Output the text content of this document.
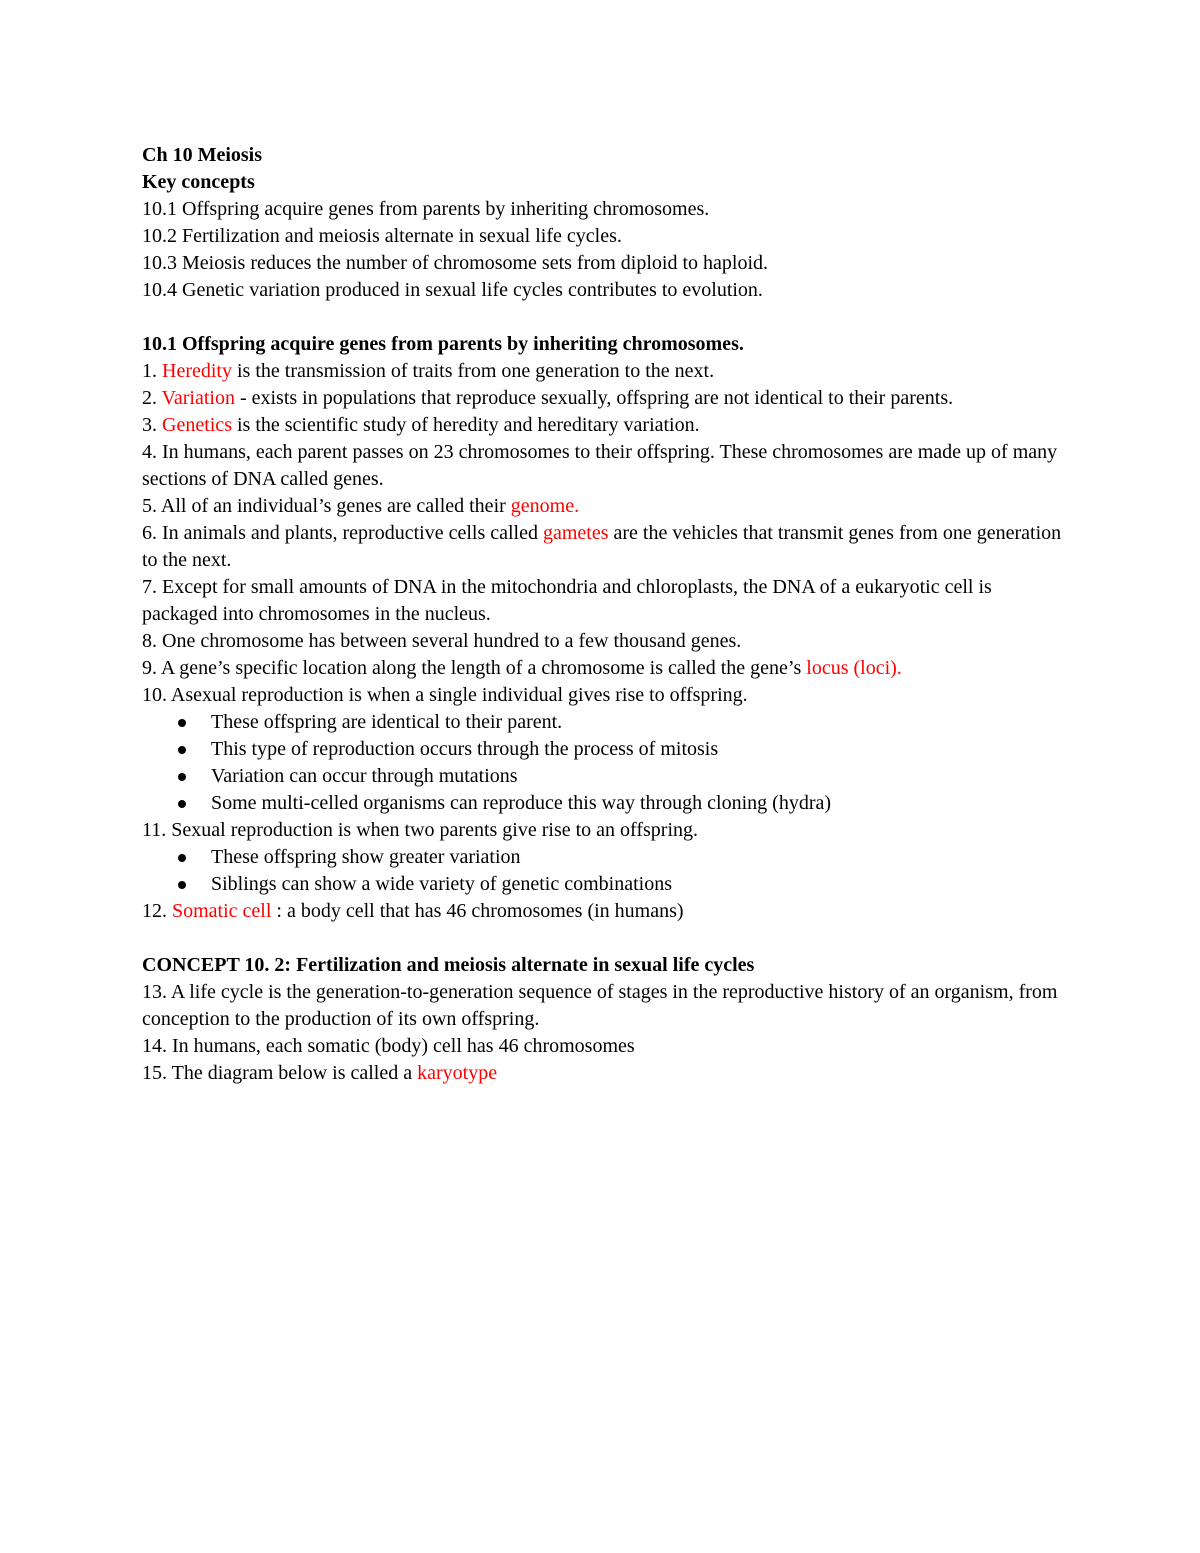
Ch 10 Meiosis

Key concepts

10.1 Offspring acquire genes from parents by inheriting chromosomes.

10.2 Fertilization and meiosis alternate in sexual life cycles.

10.3 Meiosis reduces the number of chromosome sets from diploid to haploid.

10.4 Genetic variation produced in sexual life cycles contributes to evolution.

10.1 Offspring acquire genes from parents by inheriting chromosomes.

1. Heredity is the transmission of traits from one generation to the next.

2. Variation - exists in populations that reproduce sexually, offspring are not identical to their parents.

3. Genetics is the scientific study of heredity and hereditary variation.

4. In humans, each parent passes on 23 chromosomes to their offspring. These chromosomes are made up of many sections of DNA called genes.

5. All of an individual’s genes are called their genome.

6. In animals and plants, reproductive cells called gametes are the vehicles that transmit genes from one generation to the next.

7. Except for small amounts of DNA in the mitochondria and chloroplasts, the DNA of a eukaryotic cell is packaged into chromosomes in the nucleus.

8. One chromosome has between several hundred to a few thousand genes.

9. A gene’s specific location along the length of a chromosome is called the gene’s locus (loci).

10. Asexual reproduction is when a single individual gives rise to offspring.

These offspring are identical to their parent.
This type of reproduction occurs through the process of mitosis
Variation can occur through mutations
Some multi-celled organisms can reproduce this way through cloning (hydra)

11. Sexual reproduction is when two parents give rise to an offspring.

These offspring show greater variation
Siblings can show a wide variety of genetic combinations

12. Somatic cell : a body cell that has 46 chromosomes (in humans)

CONCEPT 10. 2: Fertilization and meiosis alternate in sexual life cycles

13. A life cycle is the generation-to-generation sequence of stages in the reproductive history of an organism, from conception to the production of its own offspring.

14. In humans, each somatic (body) cell has 46 chromosomes

15. The diagram below is called a karyotype
